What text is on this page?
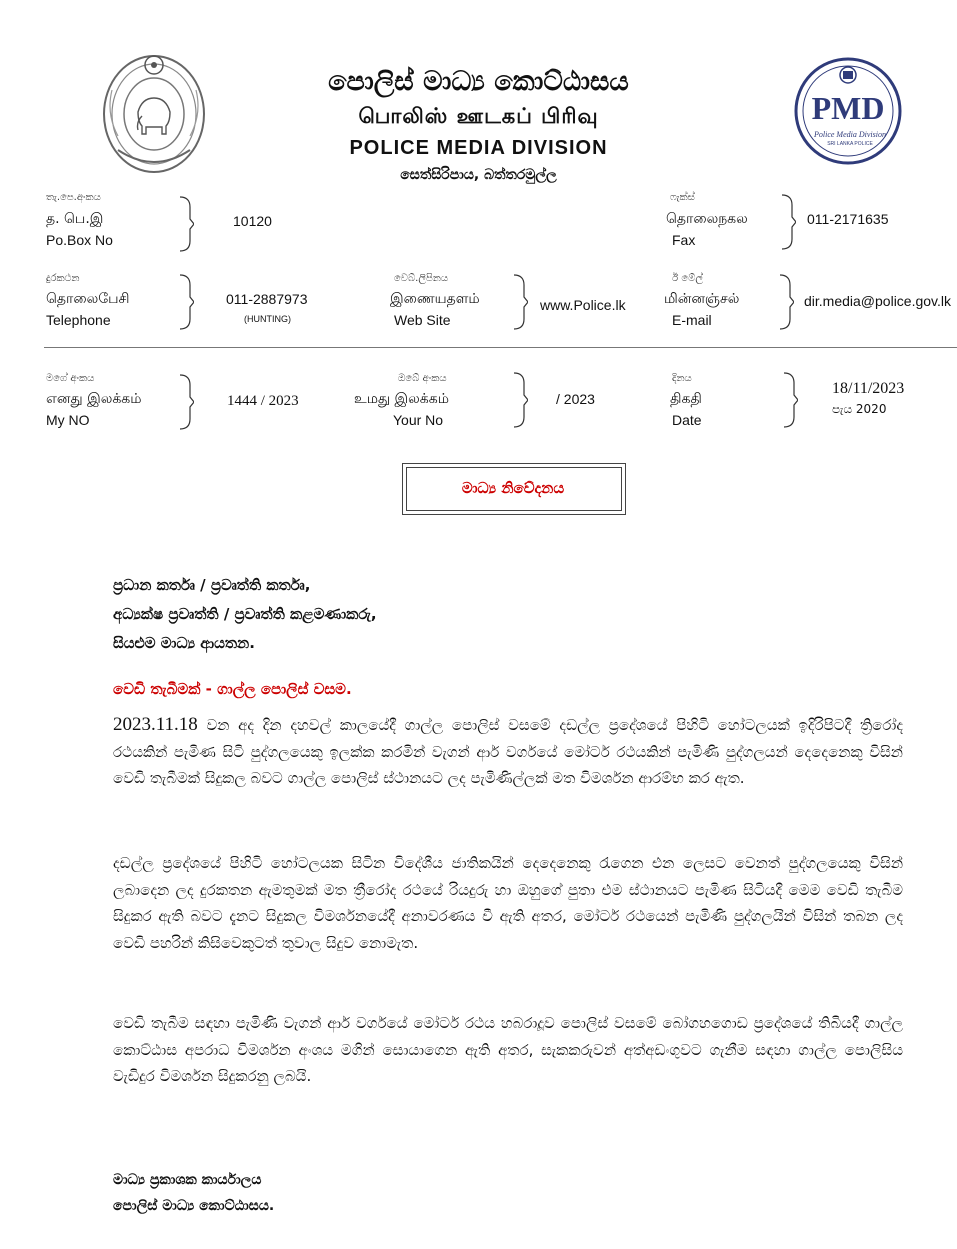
PMD
Police Media Division
SRI LANKA POLICE
පොලිස් මාධ්‍ය කොට්ඨාසය
பொலிஸ் ஊடகப் பிரிவு
POLICE MEDIA DIVISION
සෙත්සිරිපාය, බත්තරමුල්ල
තැ.පෙ.අංකය
த. பெ.இ
Po.Box No
10120
ෆැක්ස්
தொலைநகல
Fax
011-2171635
දුරකථන
தொலைபேசி
Telephone
011-2887973
(HUNTING)
වෙබ්.ලිපිනය
இணையதளம்
Web Site
www.Police.lk
ඊ මේල්
மின்னஞ்சல்
E-mail
dir.media@police.gov.lk
මගේ අංකය
எனது இலக்கம்
My NO
1444 / 2023
ඔබේ අංකය
உமது இலக்கம்
Your No
/ 2023
දිනය
திகதி
Date
18/11/2023
පැය 2020
මාධ්‍ය නිවේදනය
ප්‍රධාන කර්තෘ / ප්‍රවෘත්ති කර්තෘ,
අධ්‍යක්ෂ ප්‍රවෘත්ති / ප්‍රවෘත්ති කළමණාකරු,
සියළුම මාධ්‍ය ආයතන.
වෙඩි තැබීමක් - ගාල්ල පොලිස් වසම.
2023.11.18 වන අද දින දහවල් කාලයේදී ගාල්ල පොලිස් වසමේ දඩල්ල ප්‍රදේශයේ පිහිටි හෝටලයක් ඉදිරිපිටදී ත්‍රිරෝද රථයකින් පැමිණ සිටි පුද්ගලයෙකු ඉලක්ක කරමින් වැගන් ආර් වර්ගයේ මෝටර් රථයකින් පැමිණි පුද්ගලයන් දෙදෙනෙකු විසින් වෙඩි තැබීමක් සිදුකල බවට ගාල්ල පොලිස් ස්ථානයට ලද පැමිණිල්ලක් මත විමර්ශන ආරම්භ කර ඇත.
දඩල්ල ප්‍රදේශයේ පිහිටි හෝටලයක සිටින විදේශීය ජාතිකයින් දෙදෙනෙකු රැගෙන එන ලෙසට වෙනත් පුද්ගලයෙකු විසින් ලබාදෙන ලද දුරකතන ඇමතුමක් මත ත්‍රීරෝද රථයේ රියදුරු හා ඔහුගේ පුතා එම ස්ථානයට පැමිණ සිටියදී මෙම වෙඩි තැබීම සිදුකර ඇති බවට දැනට සිදුකල විමර්ශනයේදී අනාවරණය වී ඇති අතර, මෝටර් රථයෙන් පැමිණි පුද්ගලයින් විසින් තබන ලද වෙඩි පහරින් කිසිවෙකුටත් තුවාල සිදුව නොමැත.
වෙඩි තැබීම සඳහා පැමිණි වැගන් ආර් වර්ගයේ මෝටර් රථය හබරාදූව පොලිස් වසමේ බෝගහගොඩ ප්‍රදේශයේ තිබියදී ගාල්ල කොට්ඨාස අපරාධ විමර්ශන අංශය මගින් සොයාගෙන ඇති අතර, සැකකරුවන් අත්අඩංගුවට ගැනීම සඳහා ගාල්ල පොලිසිය වැඩිදුර විමර්ශන සිදුකරනු ලබයි.
මාධ්‍ය ප්‍රකාශක කාර්යාලය
පොලිස් මාධ්‍ය කොට්ඨාසය.
